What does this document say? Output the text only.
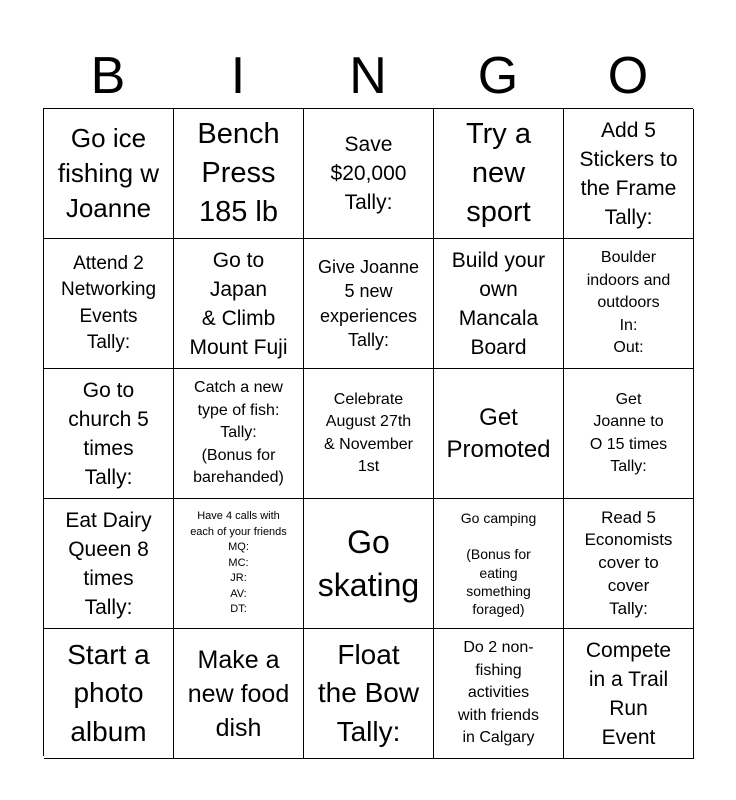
B	I	N	G	O
Go ice
fishing w
Joanne
Bench
Press
185 lb
Save
$20,000
Tally:
Try a
new
sport
Add 5
Stickers to
the Frame
Tally:
Attend 2
Networking
Events
Tally:
Go to
Japan
& Climb
Mount Fuji
Give Joanne
5 new
experiences
Tally:
Build your
own
Mancala
Board
Boulder
indoors and
outdoors
In:
Out:
Go to
church 5
times
Tally:
Catch a new
type of fish:
Tally:
(Bonus for
barehanded)
Celebrate
August 27th
& November
1st
Get
Promoted
Get
Joanne to
O 15 times
Tally:
Eat Dairy
Queen 8
times
Tally:
Have 4 calls with
each of your friends
MQ:
MC:
JR:
AV:
DT:
Go
skating
Go camping

(Bonus for
eating
something
foraged)
Read 5
Economists
cover to
cover
Tally:
Start a
photo
album
Make a
new food
dish
Float
the Bow
Tally:
Do 2 non-
fishing
activities
with friends
in Calgary
Compete
in a Trail
Run
Event
